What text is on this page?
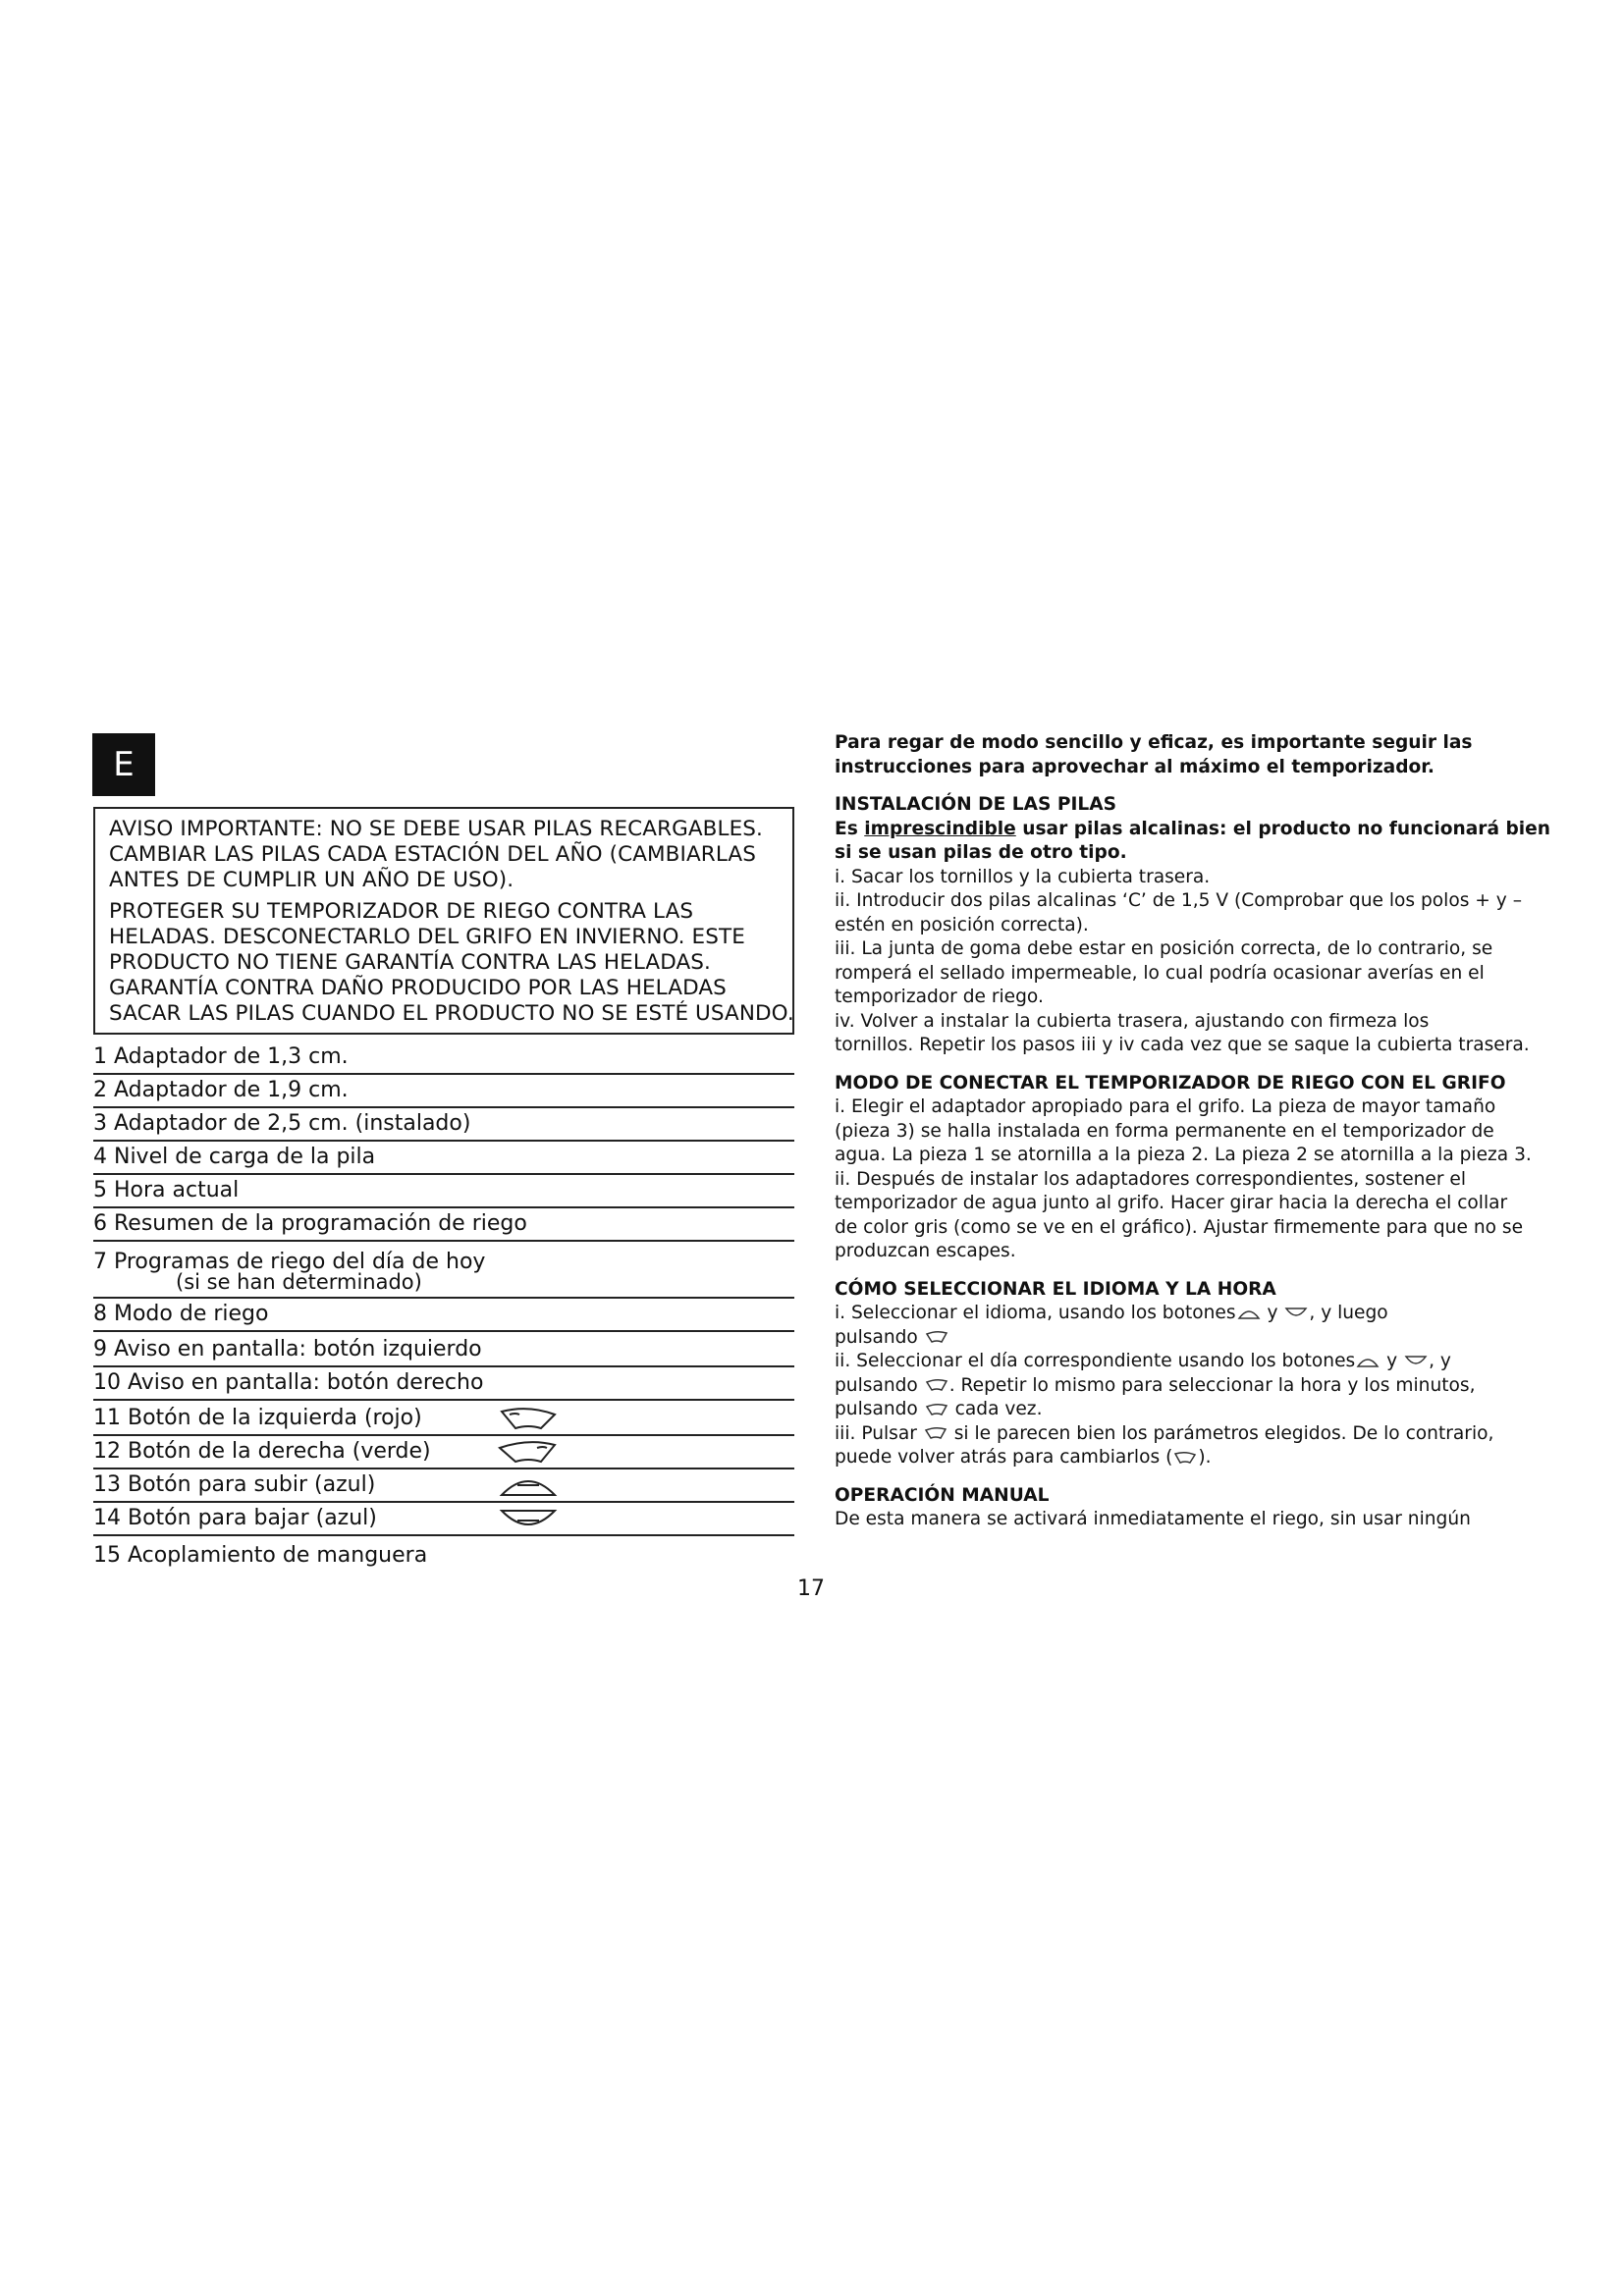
E

AVISO IMPORTANTE: NO SE DEBE USAR PILAS RECARGABLES.

CAMBIAR LAS PILAS CADA ESTACIÓN DEL AÑO (CAMBIARLAS

ANTES DE CUMPLIR UN AÑO DE USO).

PROTEGER SU TEMPORIZADOR DE RIEGO CONTRA LAS

HELADAS. DESCONECTARLO DEL GRIFO EN INVIERNO. ESTE

PRODUCTO NO TIENE GARANTÍA CONTRA LAS HELADAS.

GARANTÍA CONTRA DAÑO PRODUCIDO POR LAS HELADAS

SACAR LAS PILAS CUANDO EL PRODUCTO NO SE ESTÉ USANDO.

1 Adaptador de 1,3 cm.
2 Adaptador de 1,9 cm.
3 Adaptador de 2,5 cm. (instalado)
4 Nivel de carga de la pila
5 Hora actual
6 Resumen de la programación de riego
7 Programas de riego del día de hoy
(si se han determinado)
8 Modo de riego
9 Aviso en pantalla: botón izquierdo
10 Aviso en pantalla: botón derecho
11 Botón de la izquierda (rojo)
12 Botón de la derecha (verde)
13 Botón para subir (azul)
14 Botón para bajar (azul)
15 Acoplamiento de manguera

Para regar de modo sencillo y eficaz, es importante seguir las

instrucciones para aprovechar al máximo el temporizador.

INSTALACIÓN DE LAS PILAS

Es imprescindible usar pilas alcalinas: el producto no funcionará bien

si se usan pilas de otro tipo.

i. Sacar los tornillos y la cubierta trasera.

ii. Introducir dos pilas alcalinas ‘C’ de 1,5 V (Comprobar que los polos + y –

estén en posición correcta).

iii. La junta de goma debe estar en posición correcta, de lo contrario, se

romperá el sellado impermeable, lo cual podría ocasionar averías en el

temporizador de riego.

iv. Volver a instalar la cubierta trasera, ajustando con firmeza los

tornillos. Repetir los pasos iii y iv cada vez que se saque la cubierta trasera.

MODO DE CONECTAR EL TEMPORIZADOR DE RIEGO CON EL GRIFO

i. Elegir el adaptador apropiado para el grifo. La pieza de mayor tamaño

(pieza 3) se halla instalada en forma permanente en el temporizador de

agua. La pieza 1 se atornilla a la pieza 2. La pieza 2 se atornilla a la pieza 3.

ii. Después de instalar los adaptadores correspondientes, sostener el

temporizador de agua junto al grifo. Hacer girar hacia la derecha el collar

de color gris (como se ve en el gráfico). Ajustar firmemente para que no se

produzcan escapes.

CÓMO SELECCIONAR EL IDIOMA Y LA HORA

i. Seleccionar el idioma, usando los botones y , y luego

pulsando

ii. Seleccionar el día correspondiente usando los botones y , y

pulsando . Repetir lo mismo para seleccionar la hora y los minutos,

pulsando  cada vez.

iii. Pulsar  si le parecen bien los parámetros elegidos. De lo contrario,

puede volver atrás para cambiarlos ( ).

OPERACIÓN MANUAL

De esta manera se activará inmediatamente el riego, sin usar ningún

17
